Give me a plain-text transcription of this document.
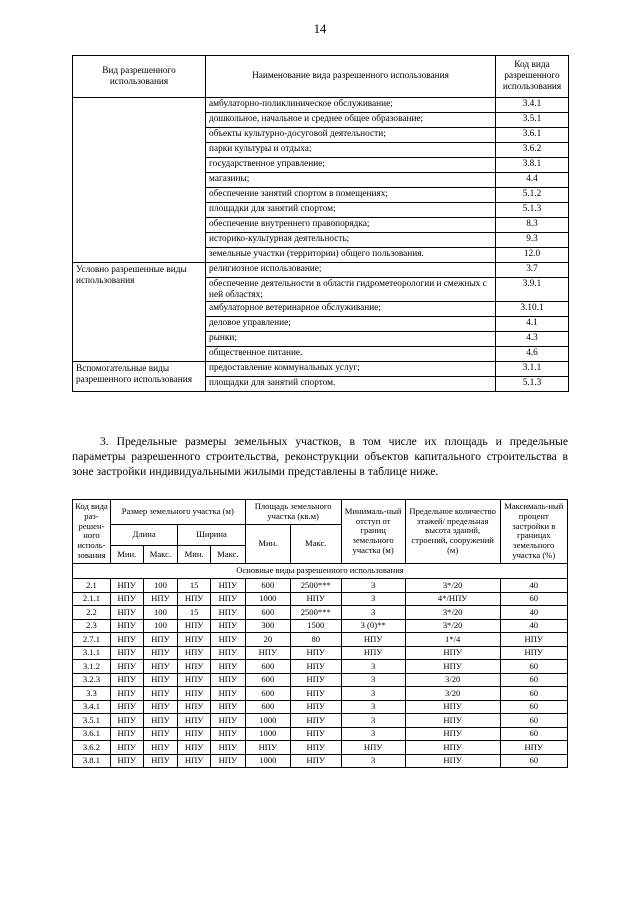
14
Вид разрешенного использования	Наименование вида разрешенного использования	Код вида разрешенного использования
	амбулаторно-поликлиническое обслуживание;	3.4.1
	дошкольное, начальное и среднее общее образование;	3.5.1
	объекты культурно-досуговой деятельности;	3.6.1
	парки культуры и отдыха;	3.6.2
	государственное управление;	3.8.1
	магазины;	4.4
	обеспечение занятий спортом в помещениях;	5.1.2
	площадки для занятий спортом;	5.1.3
	обеспечение внутреннего правопорядка;	8.3
	историко-культурная деятельность;	9.3
	земельные участки (территории) общего пользования.	12.0
Условно разрешенные виды использования	религиозное использование;	3.7
	обеспечение деятельности в области гидрометеорологии и смежных с ней областях;	3.9.1
	амбулаторное ветеринарное обслуживание;	3.10.1
	деловое управление;	4.1
	рынки;	4.3
	общественное питание.	4.6
Вспомогательные виды разрешенного использования	предоставление коммунальных услуг;	3.1.1
	площадки для занятий спортом.	5.1.3
3. Предельные размеры земельных участков, в том числе их площадь и предельные параметры разрешенного строительства, реконструкции объектов капитального строительства в зоне застройки индивидуальными жилыми представлены в таблице ниже.
Код вида раз-решен-ного исполь-зования	Размер земельного участка (м)				Площадь земельного участка (кв.м)		Минималь-ный отступ от границ земельного участка (м)	Предельное количество этажей/ предельная высота зданий, строений, сооружений (м)	Максималь-ный процент застройки в границах земельного участка (%)
	Длина		Ширина		Мин.	Макс.			
	Мин.	Макс.	Мин.	Макс.					
Основные виды разрешенного использования									
2.1	НПУ	100	15	НПУ	600	2500***	3	3*/20	40
2.1.1	НПУ	НПУ	НПУ	НПУ	1000	НПУ	3	4*/НПУ	60
2.2	НПУ	100	15	НПУ	600	2500***	3	3*/20	40
2.3	НПУ	100	НПУ	НПУ	300	1500	3 (0)**	3*/20	40
2.7.1	НПУ	НПУ	НПУ	НПУ	20	80	НПУ	1*/4	НПУ
3.1.1	НПУ	НПУ	НПУ	НПУ	НПУ	НПУ	НПУ	НПУ	НПУ
3.1.2	НПУ	НПУ	НПУ	НПУ	600	НПУ	3	НПУ	60
3.2.3	НПУ	НПУ	НПУ	НПУ	600	НПУ	3	3/20	60
3.3	НПУ	НПУ	НПУ	НПУ	600	НПУ	3	3/20	60
3.4.1	НПУ	НПУ	НПУ	НПУ	600	НПУ	3	НПУ	60
3.5.1	НПУ	НПУ	НПУ	НПУ	1000	НПУ	3	НПУ	60
3.6.1	НПУ	НПУ	НПУ	НПУ	1000	НПУ	3	НПУ	60
3.6.2	НПУ	НПУ	НПУ	НПУ	НПУ	НПУ	НПУ	НПУ	НПУ
3.8.1	НПУ	НПУ	НПУ	НПУ	1000	НПУ	3	НПУ	60
